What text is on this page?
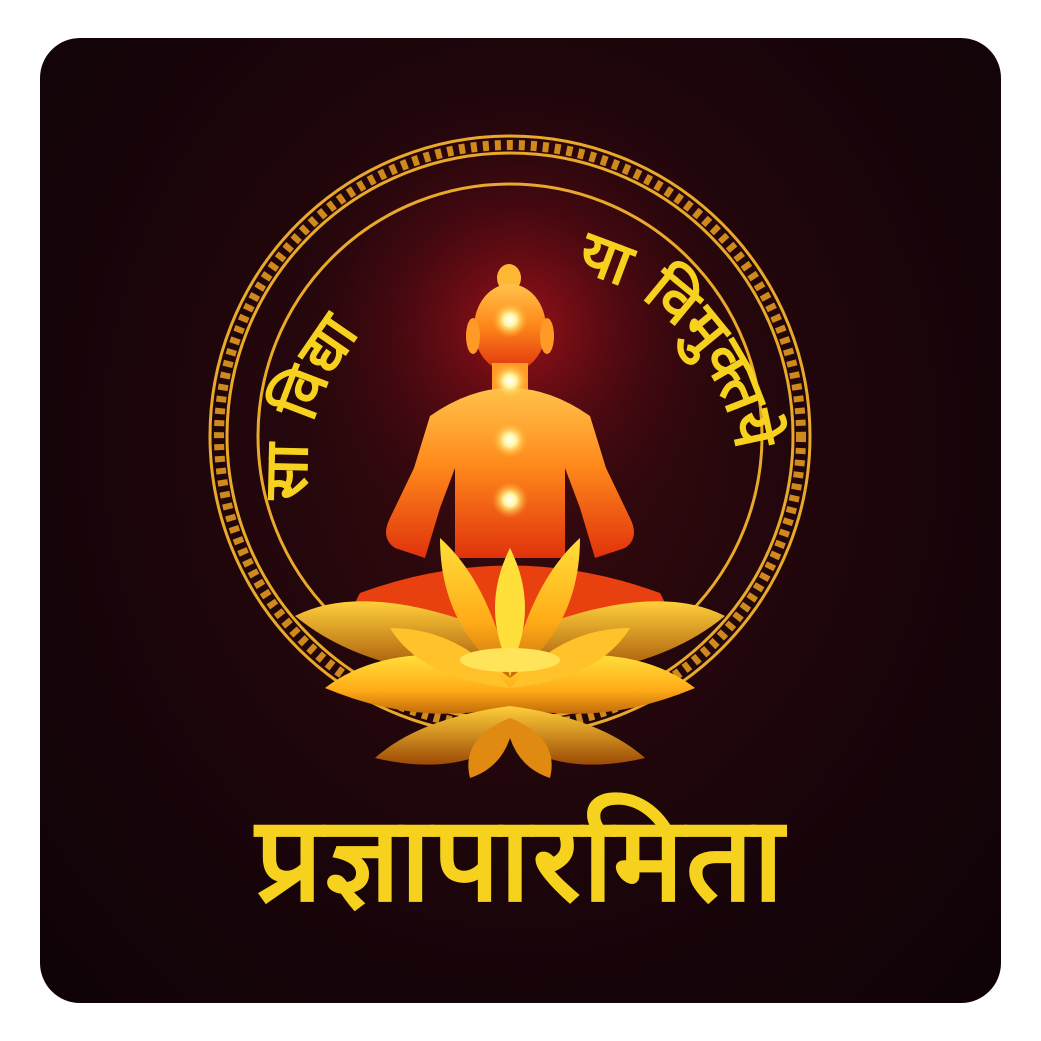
सा विद्या
या विमुक्तये
प्रज्ञापारमिता
